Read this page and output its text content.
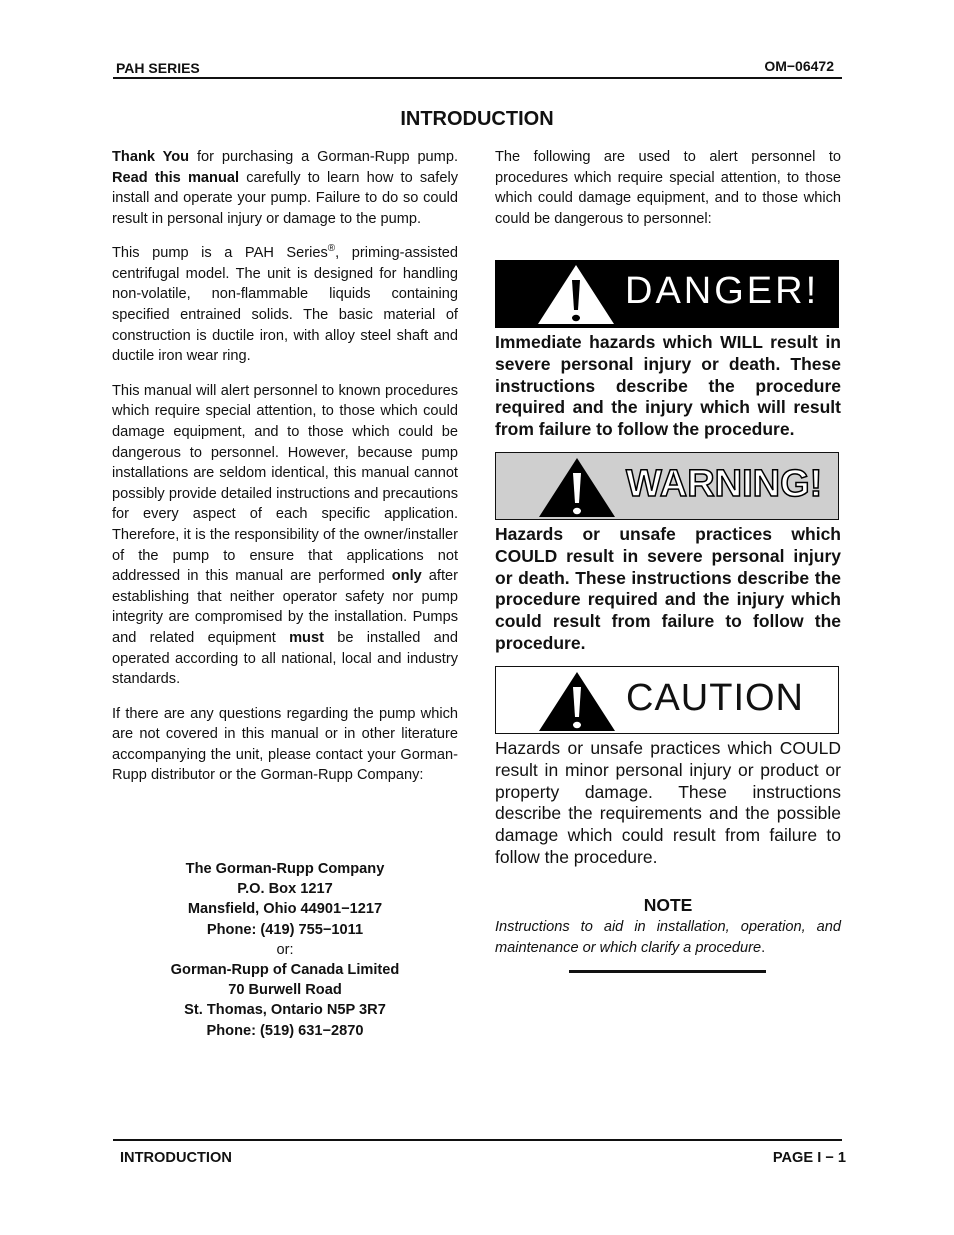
PAH SERIES	OM−06472
INTRODUCTION

Thank You for purchasing a Gorman-Rupp pump. Read this manual carefully to learn how to safely install and operate your pump. Failure to do so could result in personal injury or damage to the pump.

This pump is a PAH Series®, priming-assisted centrifugal model. The unit is designed for handling non-volatile, non-flammable liquids containing specified entrained solids. The basic material of construction is ductile iron, with alloy steel shaft and ductile iron wear ring.

This manual will alert personnel to known procedures which require special attention, to those which could damage equipment, and to those which could be dangerous to personnel. However, because pump installations are seldom identical, this manual cannot possibly provide detailed instructions and precautions for every aspect of each specific application. Therefore, it is the responsibility of the owner/installer of the pump to ensure that applications not addressed in this manual are performed only after establishing that neither operator safety nor pump integrity are compromised by the installation. Pumps and related equipment must be installed and operated according to all national, local and industry standards.

If there are any questions regarding the pump which are not covered in this manual or in other literature accompanying the unit, please contact your Gorman-Rupp distributor or the Gorman-Rupp Company:

The Gorman-Rupp Company
P.O. Box 1217
Mansfield, Ohio 44901−1217
Phone: (419) 755−1011
or:
Gorman-Rupp of Canada Limited
70 Burwell Road
St. Thomas, Ontario N5P 3R7
Phone: (519) 631−2870

The following are used to alert personnel to procedures which require special attention, to those which could damage equipment, and to those which could be dangerous to personnel:

DANGER!
Immediate hazards which WILL result in severe personal injury or death. These instructions describe the procedure required and the injury which will result from failure to follow the procedure.
WARNING!
Hazards or unsafe practices which COULD result in severe personal injury or death. These instructions describe the procedure required and the injury which could result from failure to follow the procedure.
CAUTION
Hazards or unsafe practices which COULD result in minor personal injury or product or property damage. These instructions describe the requirements and the possible damage which could result from failure to follow the procedure.
NOTE
Instructions to aid in installation, operation, and maintenance or which clarify a procedure.
INTRODUCTION	PAGE I − 1
